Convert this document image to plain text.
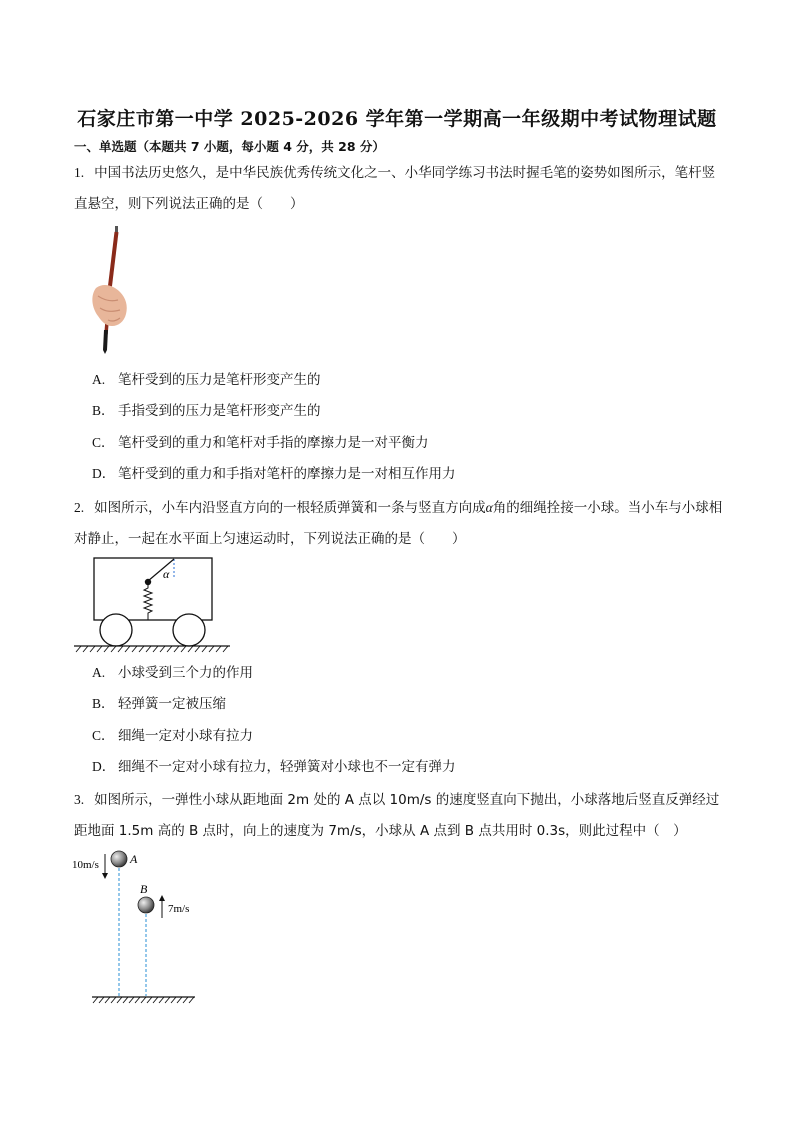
石家庄市第一中学 2025-2026 学年第一学期高一年级期中考试物理试题
一、单选题（本题共 7 小题，每小题 4 分，共 28 分）
1. 中国书法历史悠久，是中华民族优秀传统文化之一、小华同学练习书法时握毛笔的姿势如图所示，笔杆竖直悬空，则下列说法正确的是（　　）
A. 笔杆受到的压力是笔杆形变产生的
B． 手指受到的压力是笔杆形变产生的
C． 笔杆受到的重力和笔杆对手指的摩擦力是一对平衡力
D． 笔杆受到的重力和手指对笔杆的摩擦力是一对相互作用力
2. 如图所示，小车内沿竖直方向的一根轻质弹簧和一条与竖直方向成α角的细绳拴接一小球。当小车与小球相对静止，一起在水平面上匀速运动时，下列说法正确的是（　　）
α
A. 小球受到三个力的作用
B． 轻弹簧一定被压缩
C． 细绳一定对小球有拉力
D． 细绳不一定对小球有拉力，轻弹簧对小球也不一定有弹力
3. 如图所示，一弹性小球从距地面 2m 处的 A 点以 10m/s 的速度竖直向下抛出，小球落地后竖直反弹经过距地面 1.5m 高的 B 点时，向上的速度为 7m/s，小球从 A 点到 B 点共用时 0.3s，则此过程中（　）
10m/s	A
B
7m/s
